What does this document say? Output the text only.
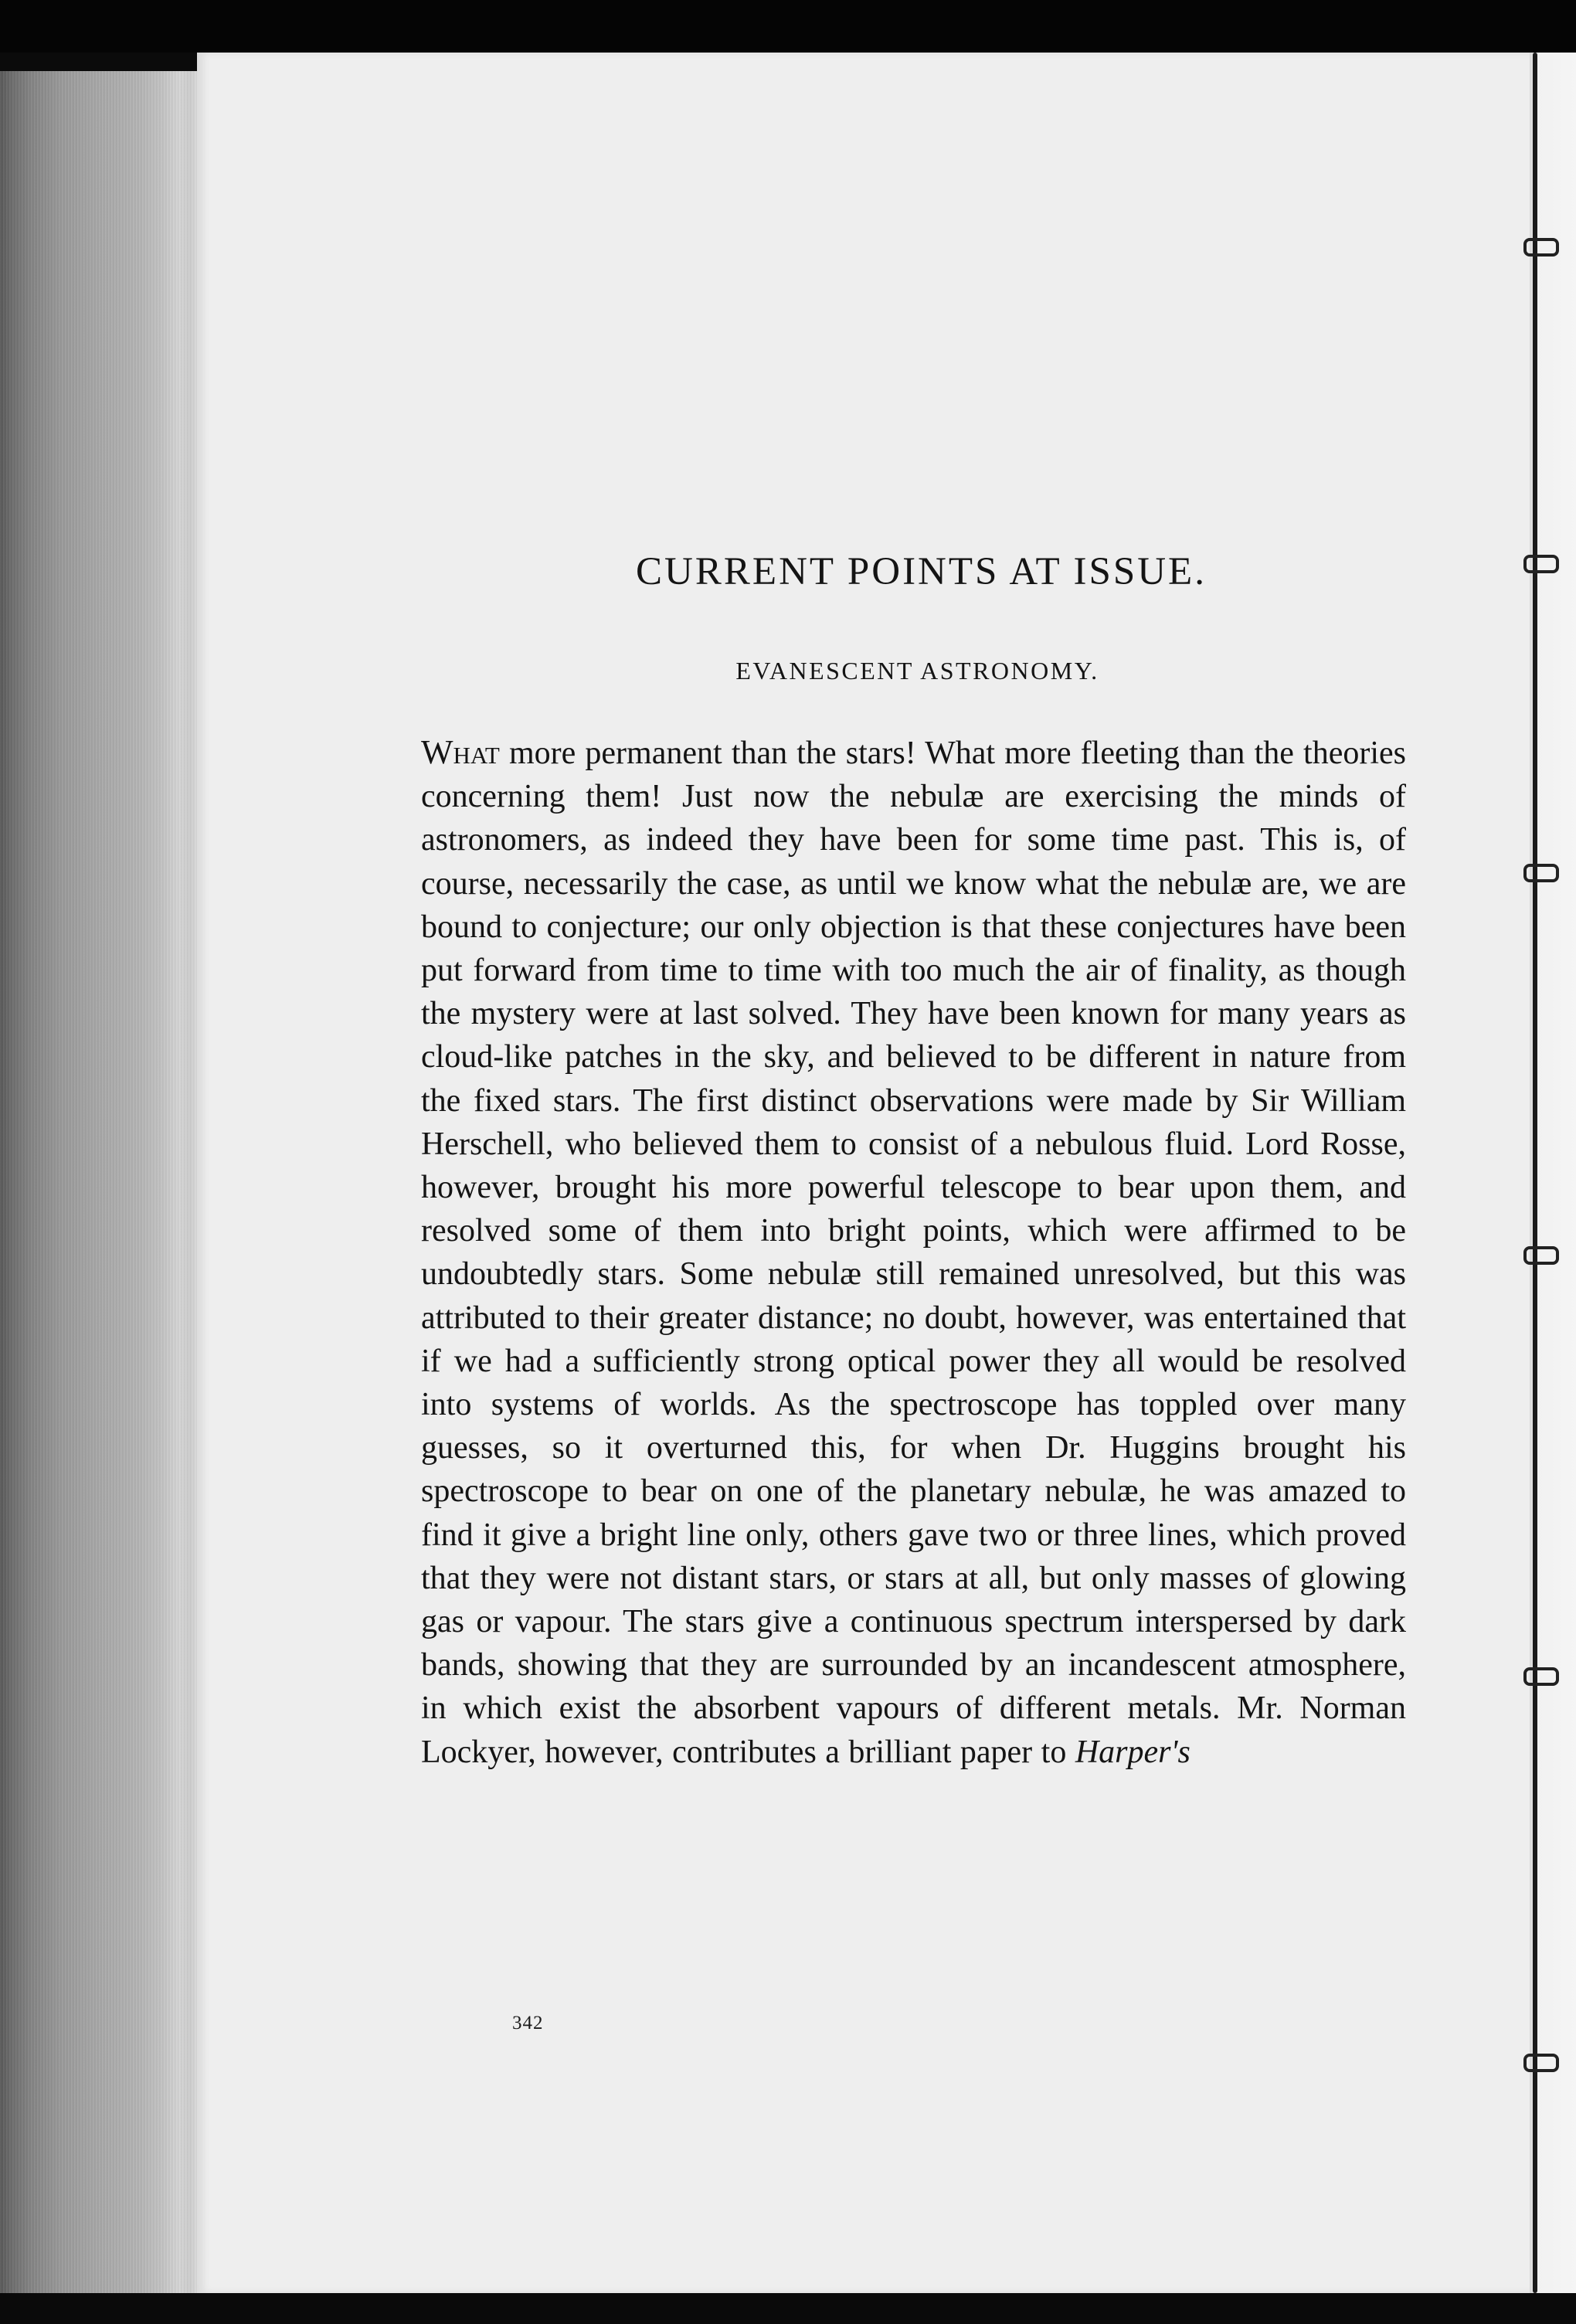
CURRENT POINTS AT ISSUE.
EVANESCENT ASTRONOMY.

What more permanent than the stars! What more fleeting than the theories concerning them! Just now the nebulæ are exercising the minds of astronomers, as indeed they have been for some time past. This is, of course, necessarily the case, as until we know what the nebulæ are, we are bound to conjecture; our only objection is that these conjectures have been put forward from time to time with too much the air of finality, as though the mystery were at last solved. They have been known for many years as cloud-like patches in the sky, and believed to be different in nature from the fixed stars. The first distinct observations were made by Sir William Herschell, who believed them to consist of a nebulous fluid. Lord Rosse, however, brought his more powerful telescope to bear upon them, and resolved some of them into bright points, which were affirmed to be undoubtedly stars. Some nebulæ still remained unresolved, but this was attributed to their greater distance; no doubt, however, was entertained that if we had a sufficiently strong optical power they all would be resolved into systems of worlds. As the spectroscope has toppled over many guesses, so it overturned this, for when Dr. Huggins brought his spectroscope to bear on one of the planetary nebulæ, he was amazed to find it give a bright line only, others gave two or three lines, which proved that they were not distant stars, or stars at all, but only masses of glowing gas or vapour. The stars give a continuous spectrum interspersed by dark bands, showing that they are surrounded by an incandescent atmosphere, in which exist the absorbent vapours of different metals. Mr. Norman Lockyer, however, contributes a brilliant paper to Harper's

342
